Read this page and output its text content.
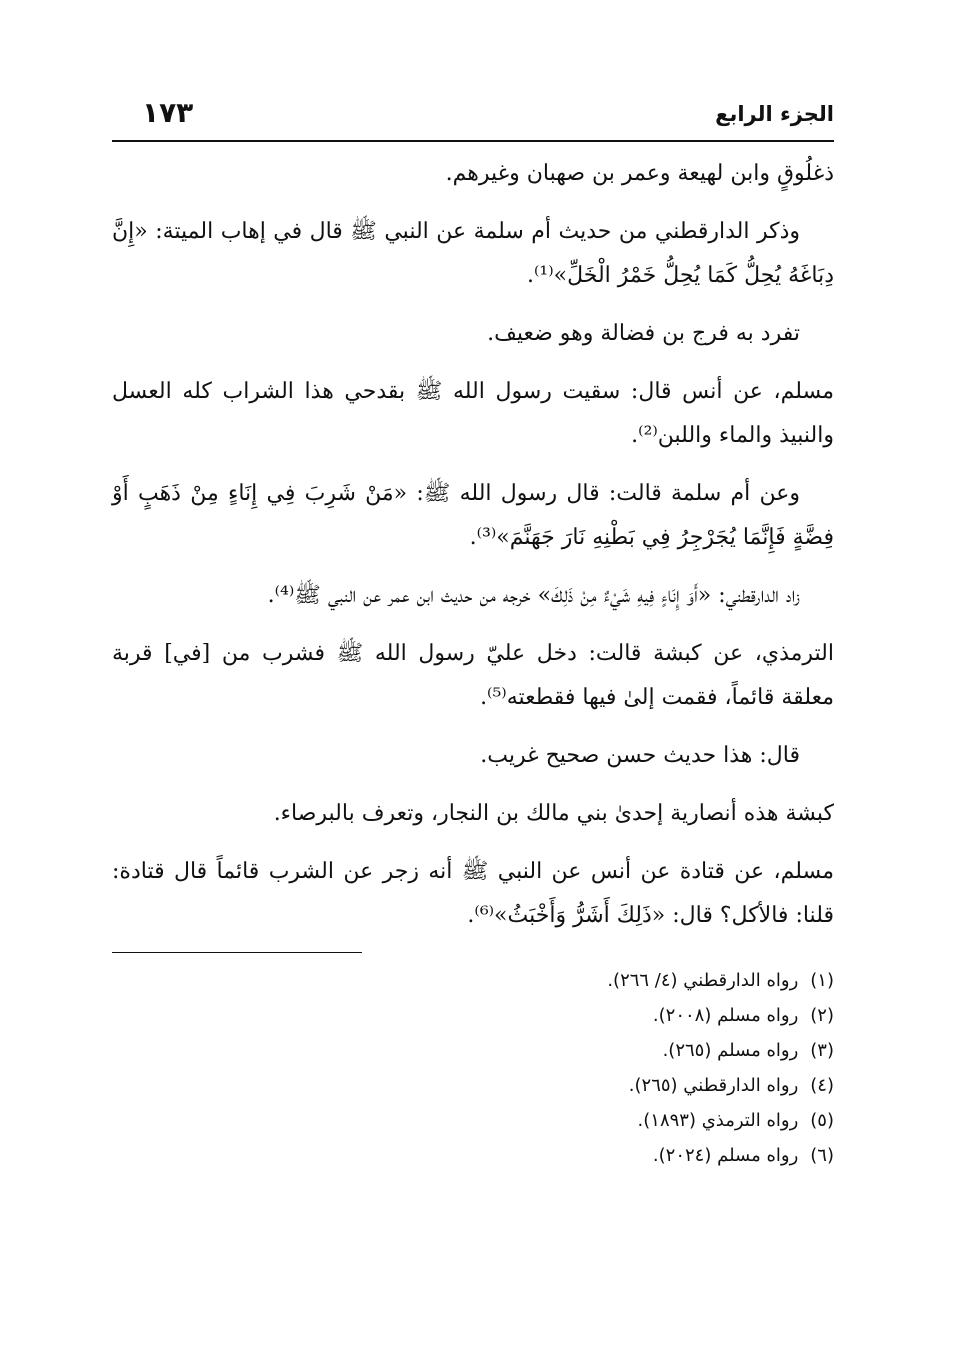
الجزء الرابع
١٧٣

ذغلُوقٍ وابن لهيعة وعمر بن صهبان وغيرهم.

وذكر الدارقطني من حديث أم سلمة عن النبي ﷺ قال في إهاب الميتة: «إِنَّ دِبَاغَهُ يُحِلُّ كَمَا يُحِلُّ خَمْرُ الْخَلِّ»⁽¹⁾.

تفرد به فرج بن فضالة وهو ضعيف.

مسلم، عن أنس قال: سقيت رسول الله ﷺ بقدحي هذا الشراب كله العسل والنبيذ والماء واللبن⁽²⁾.

وعن أم سلمة قالت: قال رسول الله ﷺ: «مَنْ شَرِبَ فِي إِنَاءٍ مِنْ ذَهَبٍ أَوْ فِضَّةٍ فَإِنَّمَا يُجَرْجِرُ فِي بَطْنِهِ نَارَ جَهَنَّمَ»⁽³⁾.

زاد الدارقطني: «أَوَ إِنَاءٍ فِيهِ شَيْءٌ مِنْ ذَلِكَ» خرجه من حديث ابن عمر عن النبي ﷺ⁽⁴⁾.

الترمذي، عن كبشة قالت: دخل عليّ رسول الله ﷺ فشرب من [في] قربة معلقة قائماً، فقمت إلىٰ فيها فقطعته⁽⁵⁾.

قال: هذا حديث حسن صحيح غريب.

كبشة هذه أنصارية إحدىٰ بني مالك بن النجار، وتعرف بالبرصاء.

مسلم، عن قتادة عن أنس عن النبي ﷺ أنه زجر عن الشرب قائماً قال قتادة: قلنا: فالأكل؟ قال: «ذَلِكَ أَشَرُّ وَأَخْبَثُ»⁽⁶⁾.

(١) رواه الدارقطني (٤/ ٢٦٦).
(٢) رواه مسلم (٢٠٠٨).
(٣) رواه مسلم (٢٦٥).
(٤) رواه الدارقطني (٢٦٥).
(٥) رواه الترمذي (١٨٩٣).
(٦) رواه مسلم (٢٠٢٤).
